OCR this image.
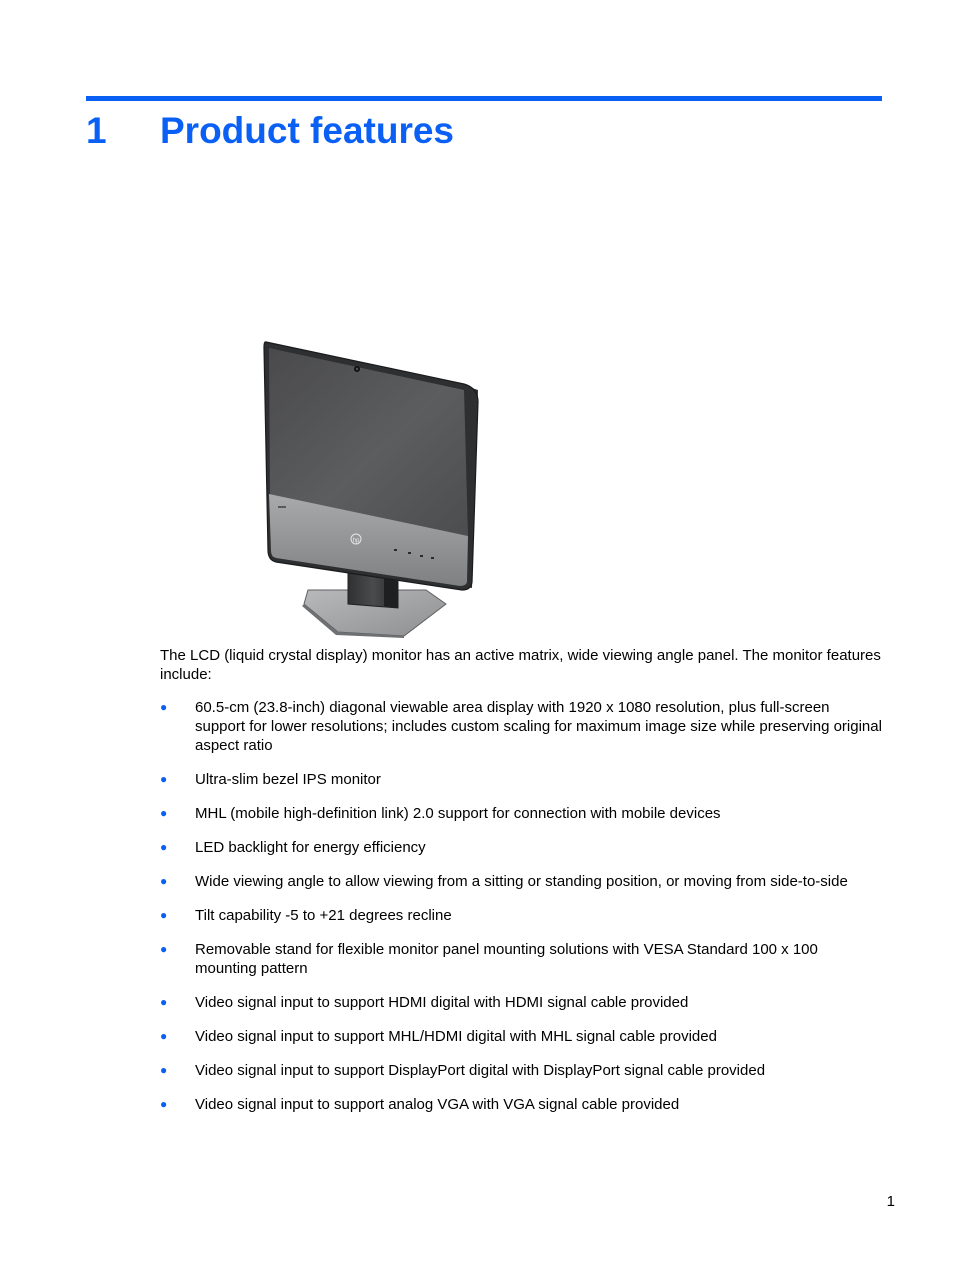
1 Product features
hp

The LCD (liquid crystal display) monitor has an active matrix, wide viewing angle panel. The monitor features include:

●	60.5-cm (23.8-inch) diagonal viewable area display with 1920 x 1080 resolution, plus full-screen support for lower resolutions; includes custom scaling for maximum image size while preserving original aspect ratio
●	Ultra-slim bezel IPS monitor
●	MHL (mobile high-definition link) 2.0 support for connection with mobile devices
●	LED backlight for energy efficiency
●	Wide viewing angle to allow viewing from a sitting or standing position, or moving from side-to-side
●	Tilt capability -5 to +21 degrees recline
●	Removable stand for flexible monitor panel mounting solutions with VESA Standard 100 x 100 mounting pattern
●	Video signal input to support HDMI digital with HDMI signal cable provided
●	Video signal input to support MHL/HDMI digital with MHL signal cable provided
●	Video signal input to support DisplayPort digital with DisplayPort signal cable provided
●	Video signal input to support analog VGA with VGA signal cable provided
1
